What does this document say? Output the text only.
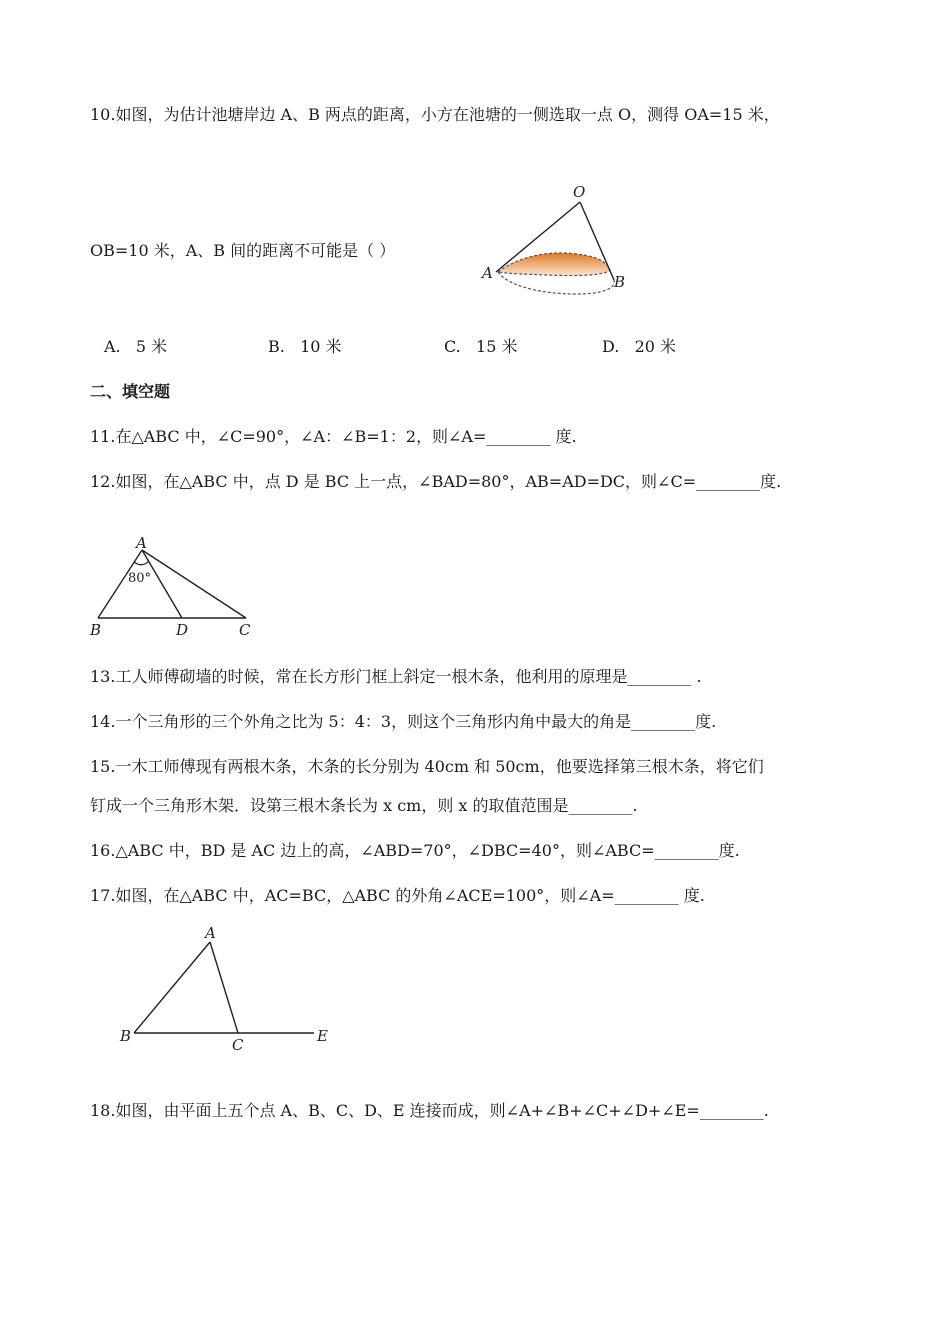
10.如图，为估计池塘岸边 A、B 两点的距离，小方在池塘的一侧选取一点 O，测得 OA=15 米，
O
A	B
OB=10 米，A、B 间的距离不可能是（ ）
A. 5 米	B. 10 米	C. 15 米	D. 20 米
二、填空题
11.在△ABC 中，∠C=90°，∠A：∠B=1：2，则∠A=________ 度.
12.如图，在△ABC 中，点 D 是 BC 上一点，∠BAD=80°，AB=AD=DC，则∠C=________度.
A
80°
B	D	C
13.工人师傅砌墙的时候，常在长方形门框上斜定一根木条，他利用的原理是________ .
14.一个三角形的三个外角之比为 5：4：3，则这个三角形内角中最大的角是________度.
15.一木工师傅现有两根木条，木条的长分别为 40cm 和 50cm，他要选择第三根木条，将它们
钉成一个三角形木架．设第三根木条长为 x cm，则 x 的取值范围是________.
16.△ABC 中，BD 是 AC 边上的高，∠ABD=70°，∠DBC=40°，则∠ABC=________度.
17.如图，在△ABC 中，AC=BC，△ABC 的外角∠ACE=100°，则∠A=________ 度.
A
B	C	E
18.如图，由平面上五个点 A、B、C、D、E 连接而成，则∠A+∠B+∠C+∠D+∠E=________.
